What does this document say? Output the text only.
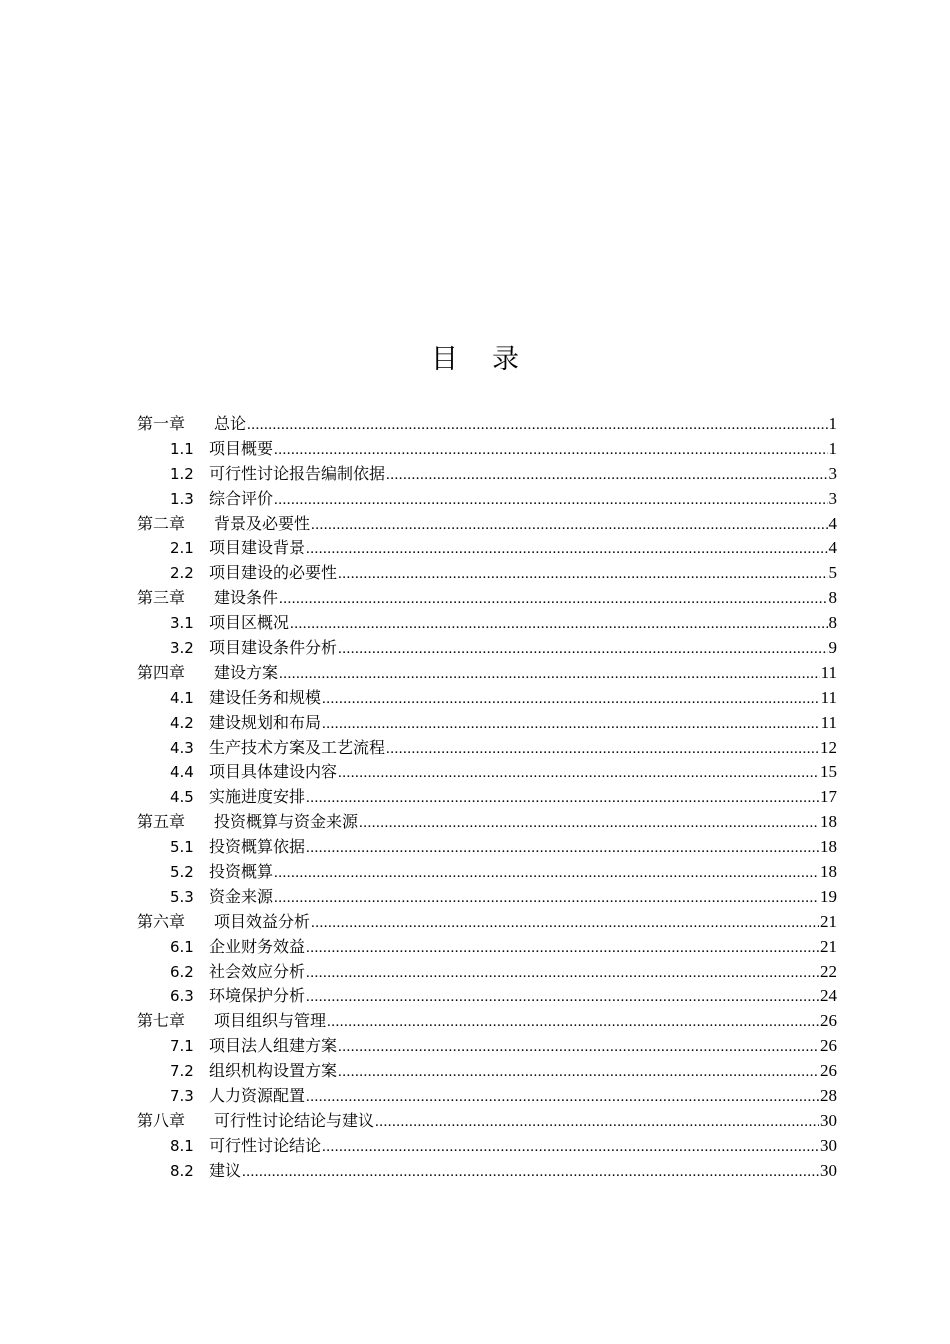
目录
第一章	总论 .....	1
1.1 项目概要 .....	1
1.2 可行性讨论报告编制依据 .....	3
1.3 综合评价 .....	3
第二章	背景及必要性 .....	4
2.1 项目建设背景 .....	4
2.2 项目建设的必要性 .....	5
第三章	建设条件 .....	8
3.1 项目区概况 .....	8
3.2 项目建设条件分析 .....	9
第四章	建设方案 .....	11
4.1 建设任务和规模 .....	11
4.2 建设规划和布局 .....	11
4.3 生产技术方案及工艺流程 .....	12
4.4 项目具体建设内容 .....	15
4.5 实施进度安排 .....	17
第五章	投资概算与资金来源 .....	18
5.1 投资概算依据 .....	18
5.2 投资概算 .....	18
5.3 资金来源 .....	19
第六章	项目效益分析 .....	21
6.1 企业财务效益 .....	21
6.2 社会效应分析 .....	22
6.3 环境保护分析 .....	24
第七章	项目组织与管理 .....	26
7.1 项目法人组建方案 .....	26
7.2 组织机构设置方案 .....	26
7.3 人力资源配置 .....	28
第八章	可行性讨论结论与建议 .....	30
8.1 可行性讨论结论 .....	30
8.2 建议 .....	30
